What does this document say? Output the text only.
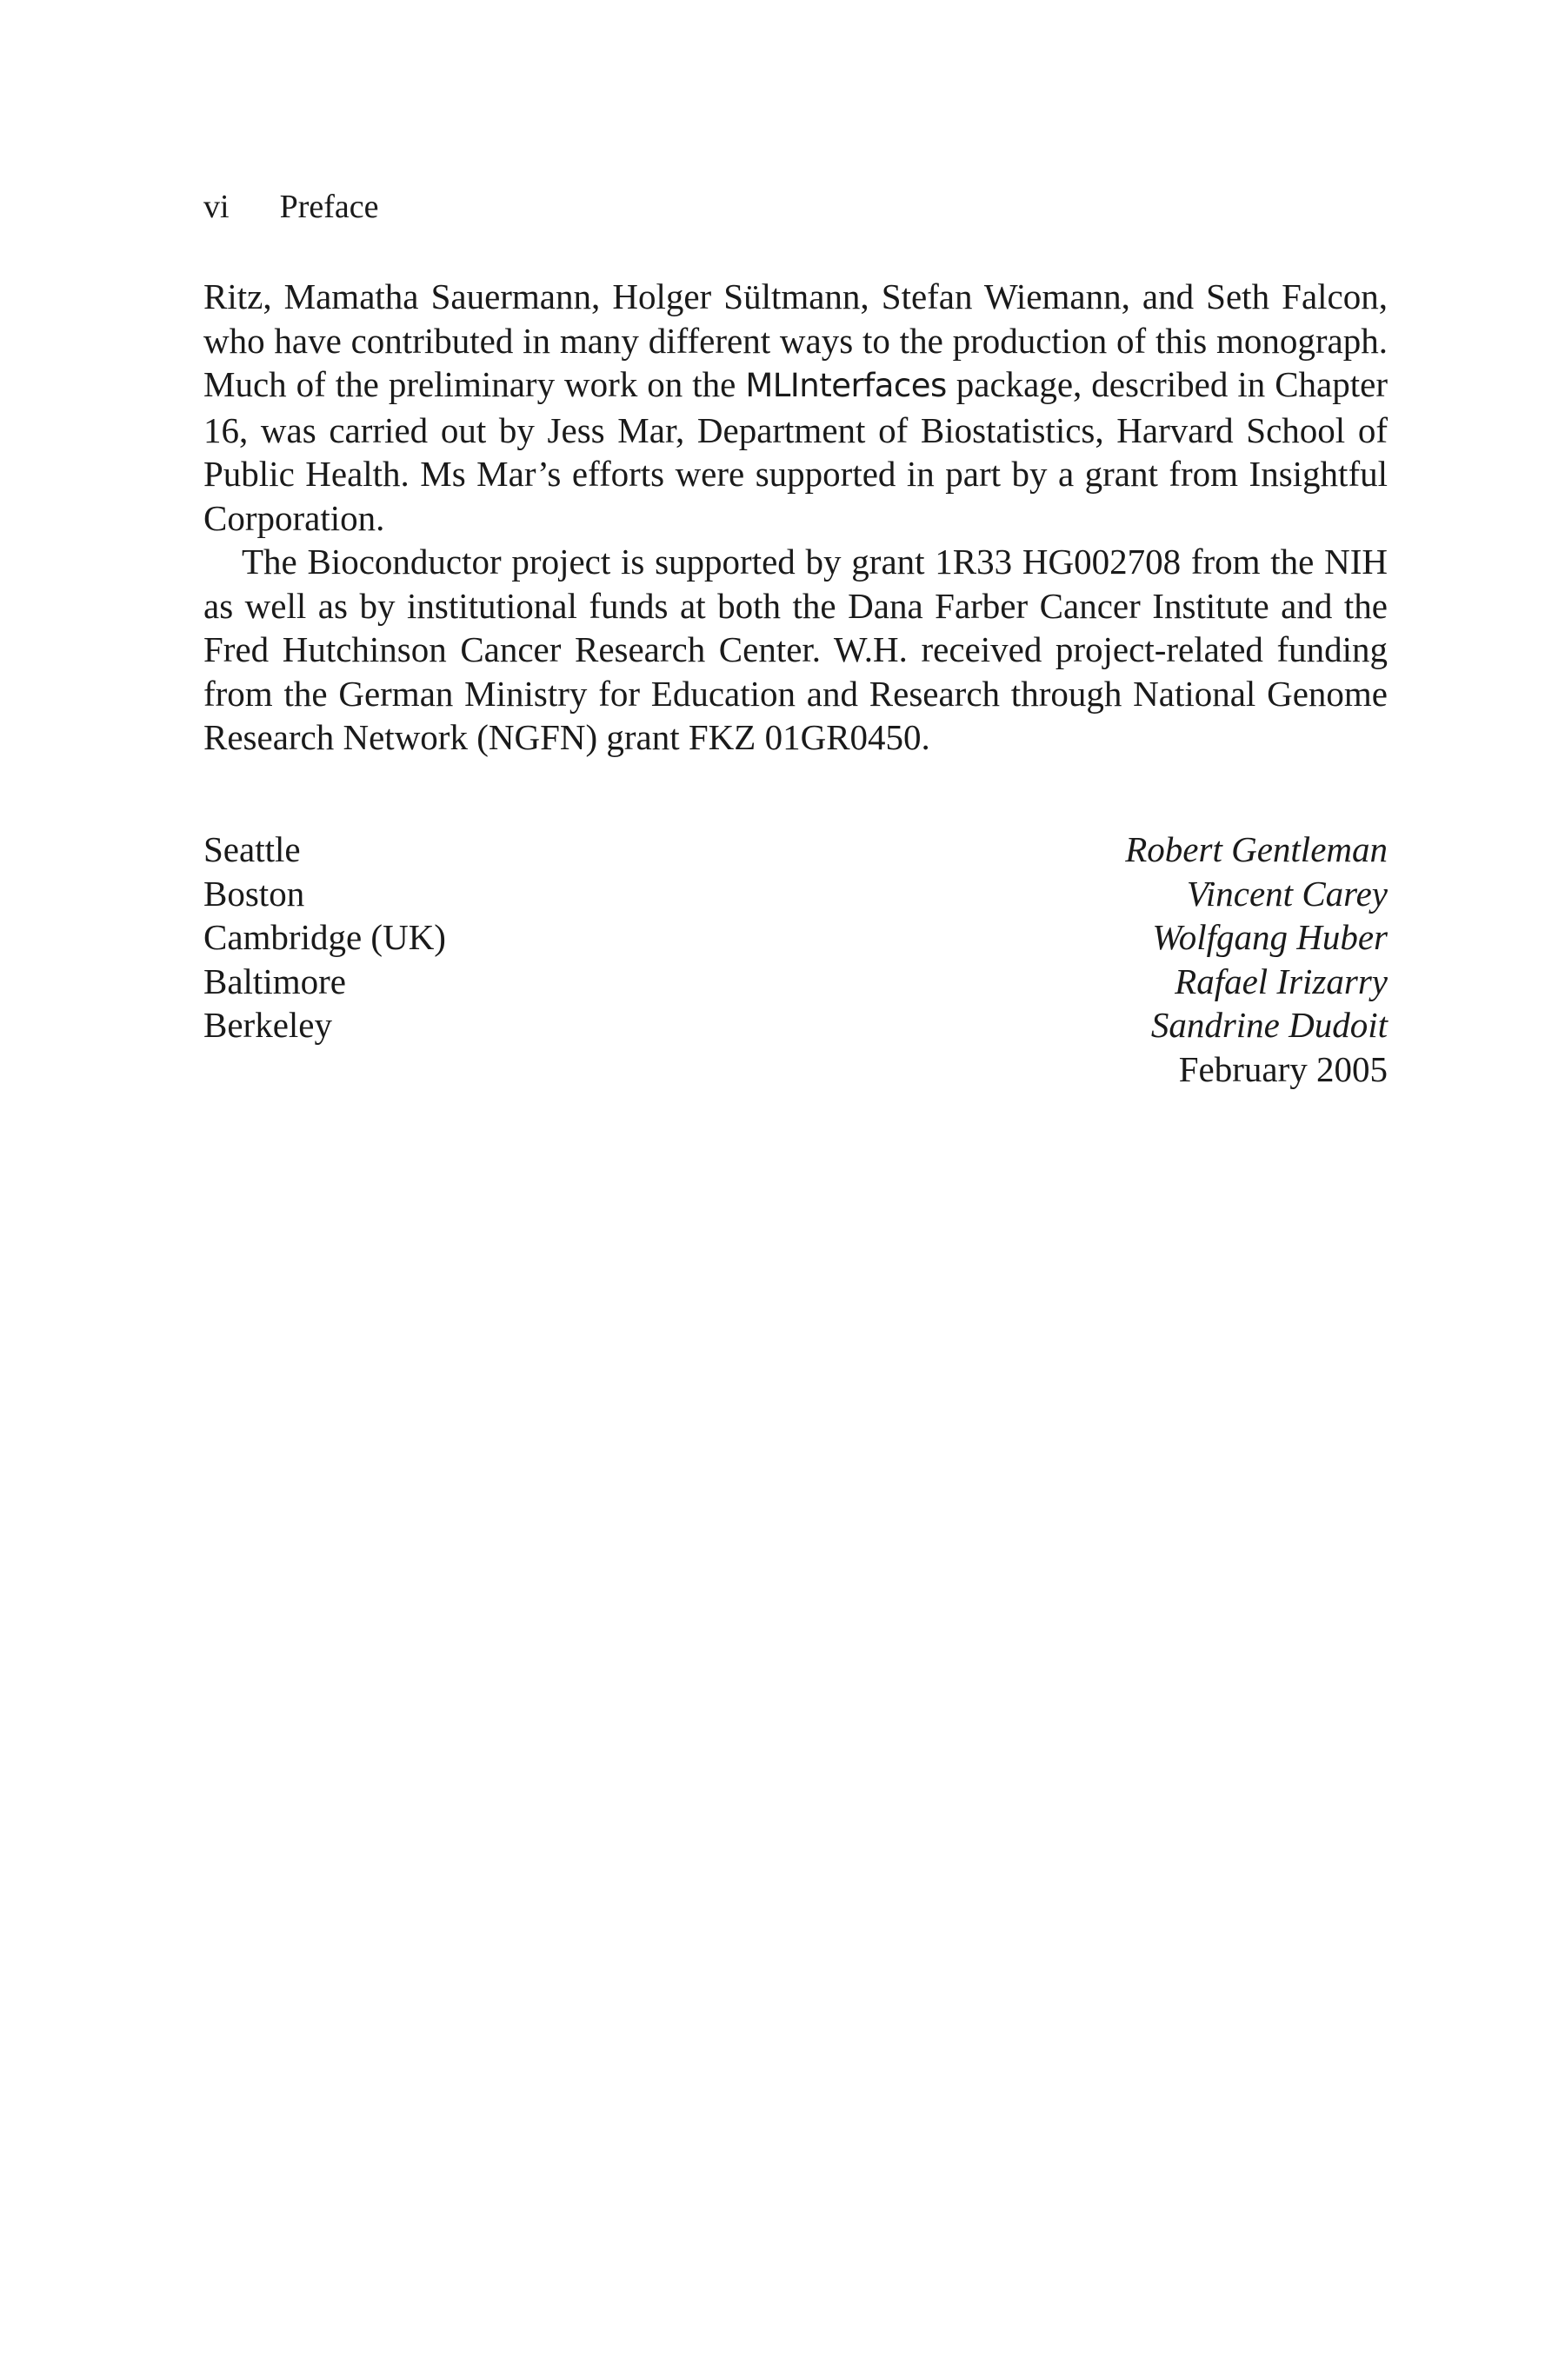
vi Preface

Ritz, Mamatha Sauermann, Holger Sültmann, Stefan Wiemann, and Seth Falcon, who have contributed in many different ways to the production of this monograph. Much of the preliminary work on the MLInterfaces package, described in Chapter 16, was carried out by Jess Mar, Department of Biostatistics, Harvard School of Public Health. Ms Mar’s efforts were supported in part by a grant from Insightful Corporation.

The Bioconductor project is supported by grant 1R33 HG002708 from the NIH as well as by institutional funds at both the Dana Farber Cancer Institute and the Fred Hutchinson Cancer Research Center. W.H. received project-related funding from the German Ministry for Education and Research through National Genome Research Network (NGFN) grant FKZ 01GR0450.

Seattle
Boston
Cambridge (UK)
Baltimore
Berkeley
Robert Gentleman
Vincent Carey
Wolfgang Huber
Rafael Irizarry
Sandrine Dudoit
February 2005
